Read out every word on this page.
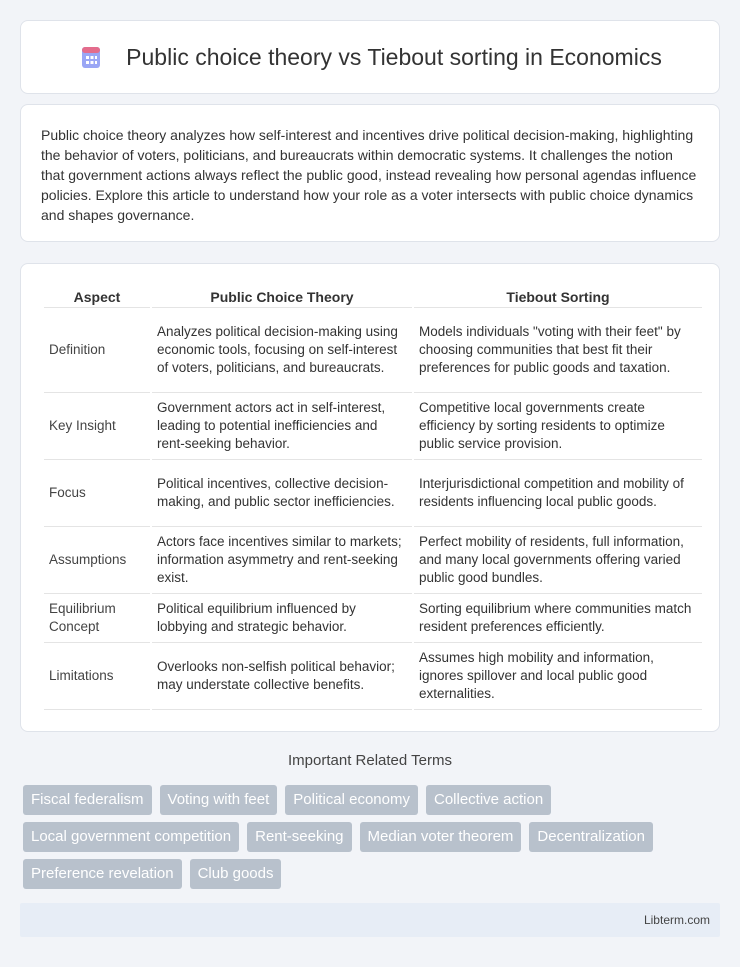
Public choice theory vs Tiebout sorting in Economics

Public choice theory analyzes how self-interest and incentives drive political decision-making, highlighting the behavior of voters, politicians, and bureaucrats within democratic systems. It challenges the notion that government actions always reflect the public good, instead revealing how personal agendas influence policies. Explore this article to understand how your role as a voter intersects with public choice dynamics and shapes governance.

Aspect	Public Choice Theory	Tiebout Sorting
Definition	Analyzes political decision-making using economic tools, focusing on self-interest of voters, politicians, and bureaucrats.	Models individuals "voting with their feet" by choosing communities that best fit their preferences for public goods and taxation.
Key Insight	Government actors act in self-interest, leading to potential inefficiencies and rent-seeking behavior.	Competitive local governments create efficiency by sorting residents to optimize public service provision.
Focus	Political incentives, collective decision-making, and public sector inefficiencies.	Interjurisdictional competition and mobility of residents influencing local public goods.
Assumptions	Actors face incentives similar to markets; information asymmetry and rent-seeking exist.	Perfect mobility of residents, full information, and many local governments offering varied public good bundles.
Equilibrium Concept	Political equilibrium influenced by lobbying and strategic behavior.	Sorting equilibrium where communities match resident preferences efficiently.
Limitations	Overlooks non-selfish political behavior; may understate collective benefits.	Assumes high mobility and information, ignores spillover and local public good externalities.
Important Related Terms
Fiscal federalism	Voting with feet	Political economy	Collective action
Local government competition	Rent-seeking	Median voter theorem	Decentralization
Preference revelation	Club goods
Libterm.com
